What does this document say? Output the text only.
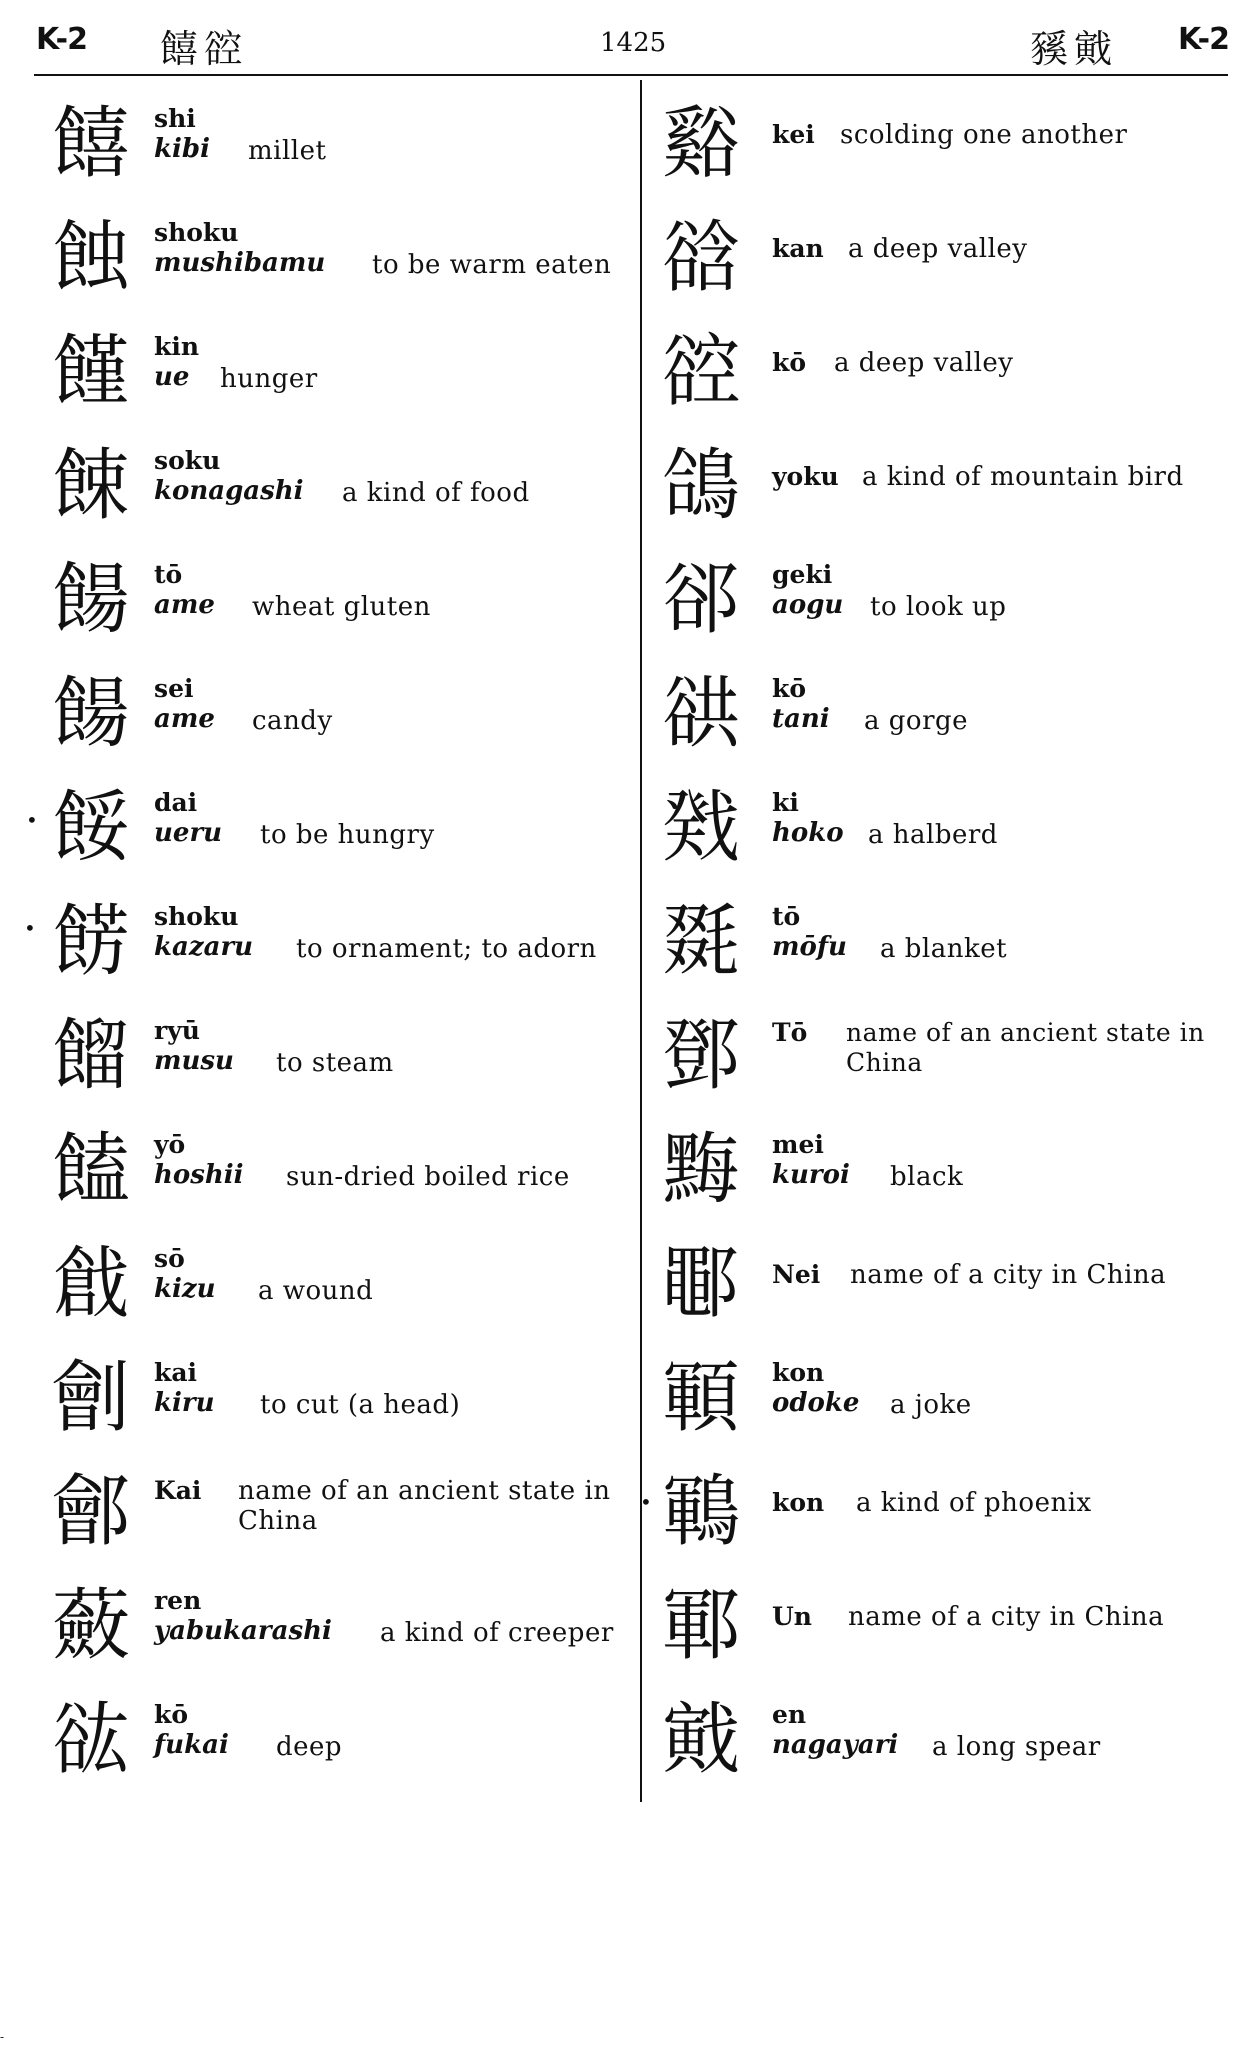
K-2 饎谾	1425	豯戭 K-2
饎 shi
kibi millet
蝕 shoku
mushibamu to be warm eaten
饉 kin
ue hunger
餗 soku
konagashi a kind of food
餳 tō
ame wheat gluten
餳 sei
ame candy
• 餒 dai
ueru to be hungry
• 餝 shoku
kazaru to ornament; to adorn
餾 ryū
musu to steam
饁 yō
hoshii sun-dried boiled rice
戧 sō
kizu a wound
劊 kai
kiru to cut (a head)
鄶 Kai name of an ancient state in China
蘞 ren
yabukarashi a kind of creeper
谹 kō
fukai deep
谿 kei scolding one another
谽 kan a deep valley
谾 kō a deep valley
鴿 yoku a kind of mountain bird
郤 geki
aogu to look up
谼 kō
tani a gorge
戣 ki
hoko a halberd
毲 tō
mōfu a blanket
鄧 Tō name of an ancient state in China
黣 mei
kuroi black
鄳 Nei name of a city in China
顐 kon
odoke a joke
• 鶤 kon a kind of phoenix
鄆 Un name of a city in China
戭 en
nagayari a long spear
-
